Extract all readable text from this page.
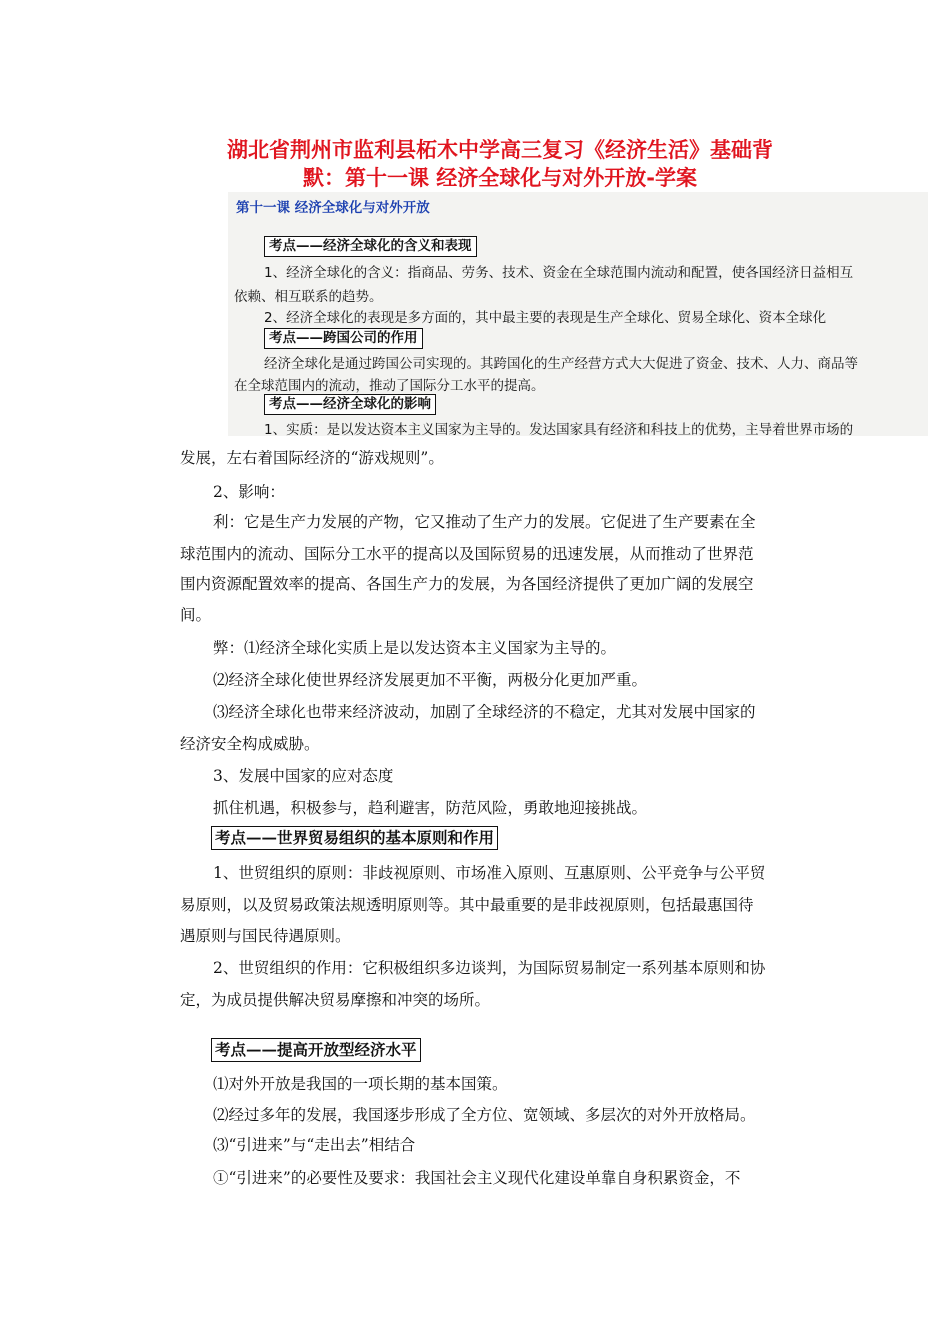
湖北省荆州市监利县柘木中学高三复习《经济生活》基础背
默：第十一课 经济全球化与对外开放-学案
第十一课 经济全球化与对外开放
考点——经济全球化的含义和表现
1、经济全球化的含义：指商品、劳务、技术、资金在全球范围内流动和配置，使各国经济日益相互
依赖、相互联系的趋势。
2、经济全球化的表现是多方面的，其中最主要的表现是生产全球化、贸易全球化、资本全球化
考点——跨国公司的作用
经济全球化是通过跨国公司实现的。其跨国化的生产经营方式大大促进了资金、技术、人力、商品等
在全球范围内的流动，推动了国际分工水平的提高。
考点——经济全球化的影响
1、实质：是以发达资本主义国家为主导的。发达国家具有经济和科技上的优势，主导着世界市场的
发展，左右着国际经济的“游戏规则”。
2、影响：
利：它是生产力发展的产物，它又推动了生产力的发展。它促进了生产要素在全
球范围内的流动、国际分工水平的提高以及国际贸易的迅速发展，从而推动了世界范
围内资源配置效率的提高、各国生产力的发展，为各国经济提供了更加广阔的发展空
间。
弊：⑴经济全球化实质上是以发达资本主义国家为主导的。
⑵经济全球化使世界经济发展更加不平衡，两极分化更加严重。
⑶经济全球化也带来经济波动，加剧了全球经济的不稳定，尤其对发展中国家的
经济安全构成威胁。
3、发展中国家的应对态度
抓住机遇，积极参与，趋利避害，防范风险，勇敢地迎接挑战。
考点——世界贸易组织的基本原则和作用
1、世贸组织的原则：非歧视原则、市场准入原则、互惠原则、公平竞争与公平贸
易原则，以及贸易政策法规透明原则等。其中最重要的是非歧视原则，包括最惠国待
遇原则与国民待遇原则。
2、世贸组织的作用：它积极组织多边谈判，为国际贸易制定一系列基本原则和协
定，为成员提供解决贸易摩擦和冲突的场所。
考点——提高开放型经济水平
⑴对外开放是我国的一项长期的基本国策。
⑵经过多年的发展，我国逐步形成了全方位、宽领域、多层次的对外开放格局。
⑶“引进来”与“走出去”相结合
①“引进来”的必要性及要求：我国社会主义现代化建设单靠自身积累资金，不
